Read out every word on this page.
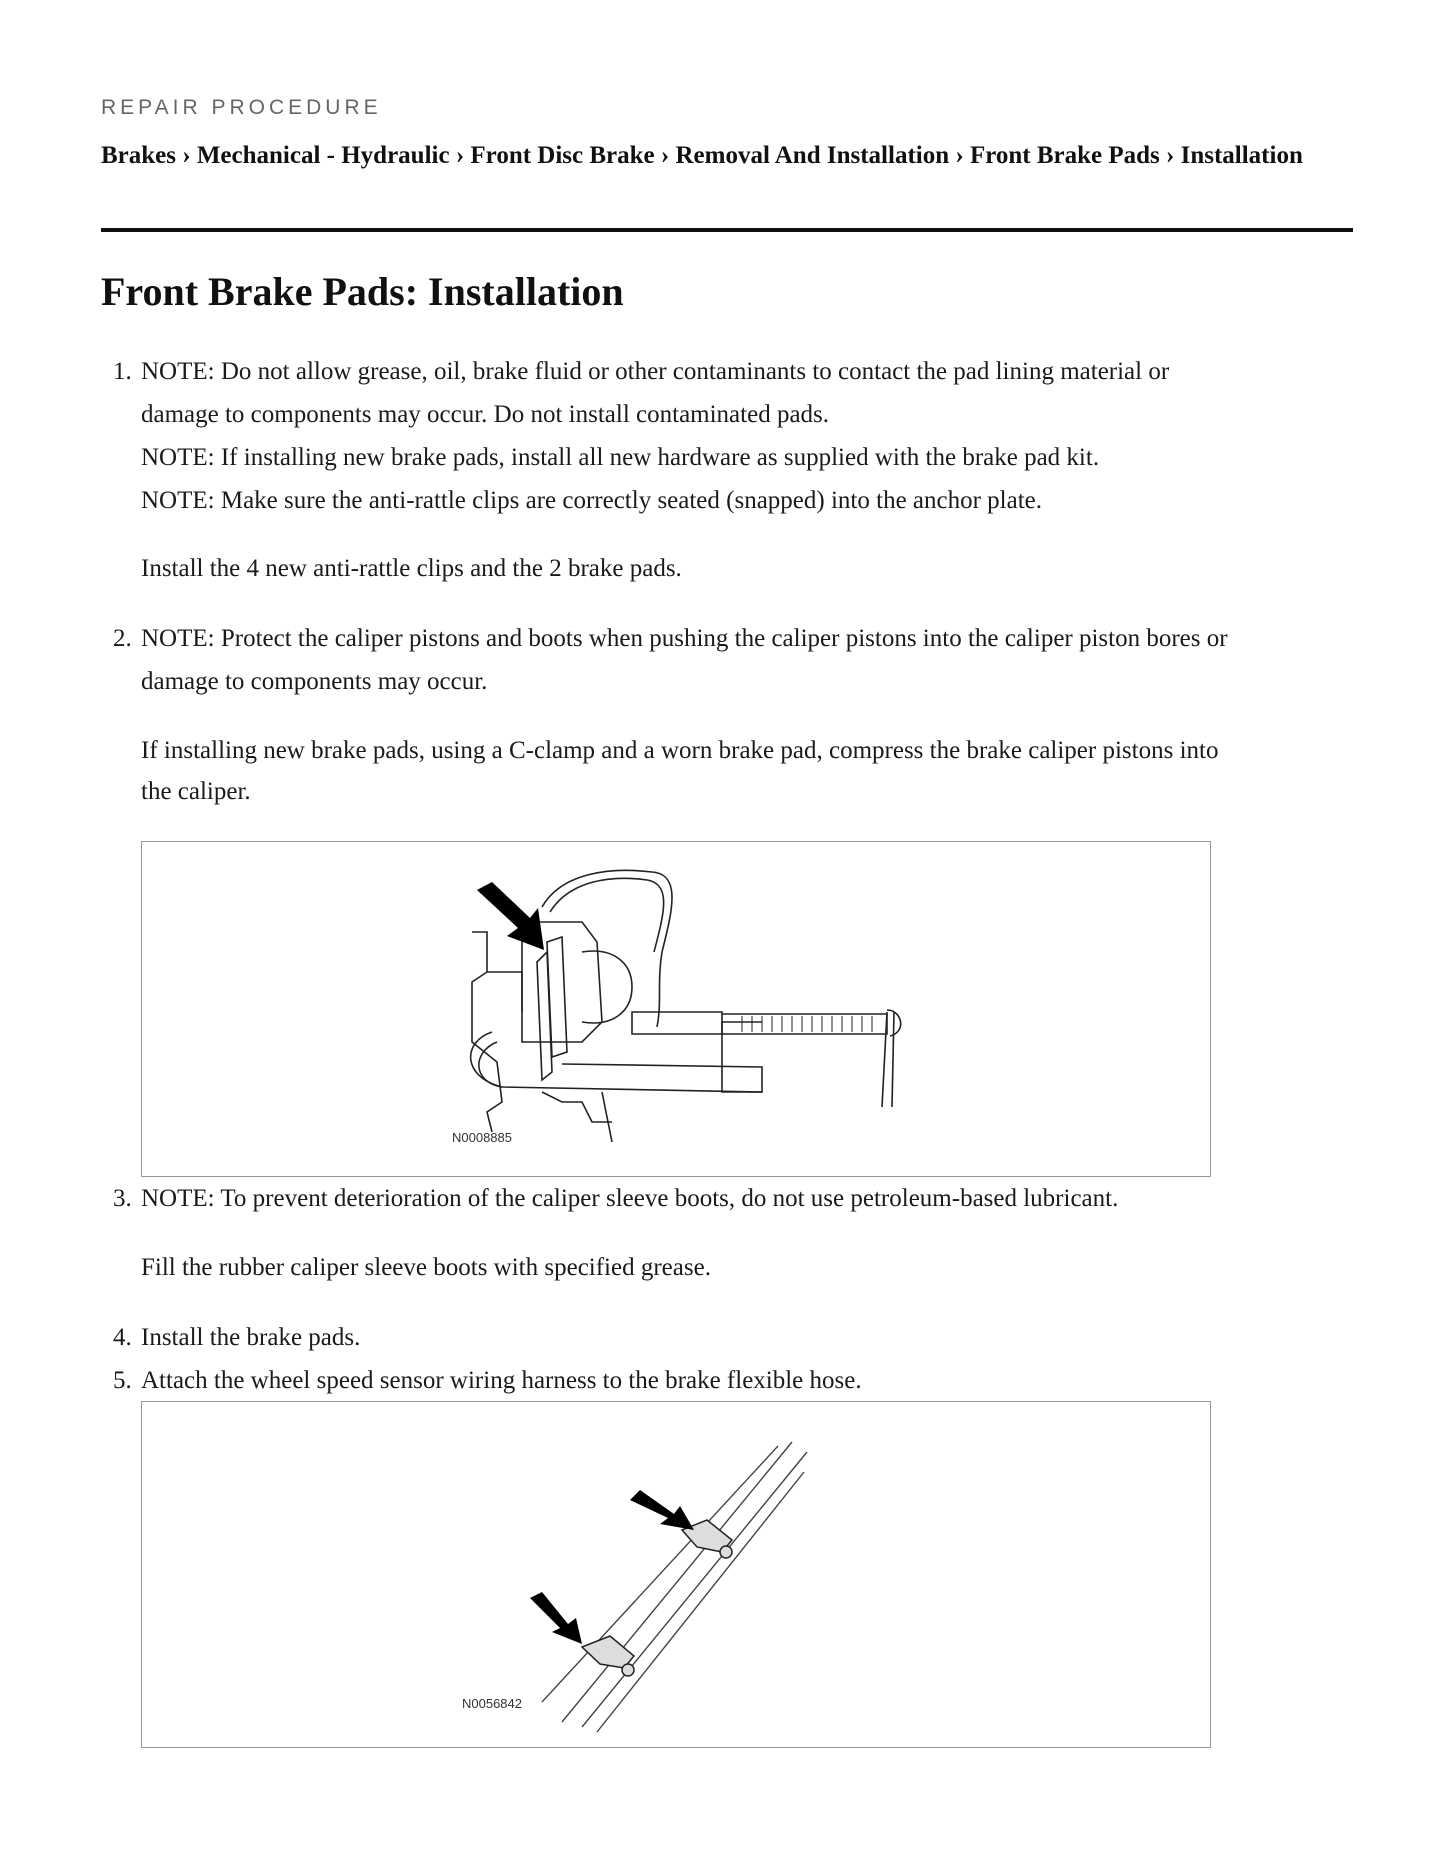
REPAIR PROCEDURE
Brakes › Mechanical - Hydraulic › Front Disc Brake › Removal And Installation › Front Brake Pads › Installation
Front Brake Pads: Installation
1. NOTE: Do not allow grease, oil, brake fluid or other contaminants to contact the pad lining material or
damage to components may occur. Do not install contaminated pads.
NOTE: If installing new brake pads, install all new hardware as supplied with the brake pad kit.
NOTE: Make sure the anti-rattle clips are correctly seated (snapped) into the anchor plate.
Install the 4 new anti-rattle clips and the 2 brake pads.
2. NOTE: Protect the caliper pistons and boots when pushing the caliper pistons into the caliper piston bores or
damage to components may occur.
If installing new brake pads, using a C-clamp and a worn brake pad, compress the brake caliper pistons into
the caliper.
N0008885
3. NOTE: To prevent deterioration of the caliper sleeve boots, do not use petroleum-based lubricant.
Fill the rubber caliper sleeve boots with specified grease.
4. Install the brake pads.
5. Attach the wheel speed sensor wiring harness to the brake flexible hose.
N0056842
